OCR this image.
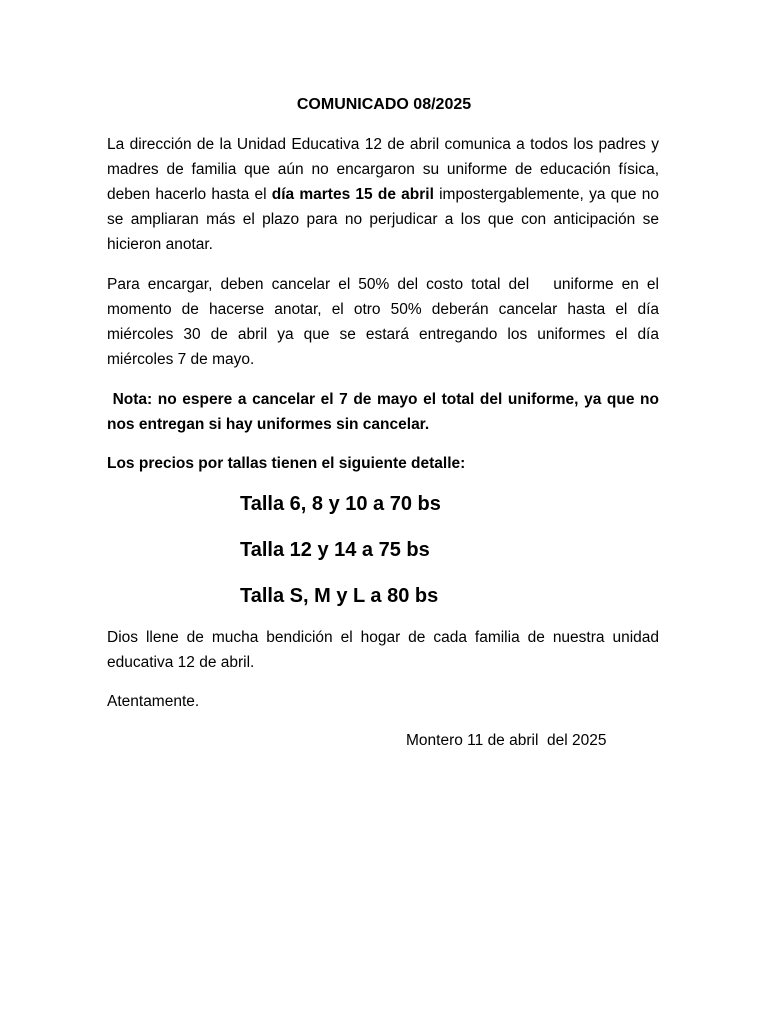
COMUNICADO 08/2025

La dirección de la Unidad Educativa 12 de abril comunica a todos los padres y madres de familia que aún no encargaron su uniforme de educación física, deben hacerlo hasta el día martes 15 de abril impostergablemente, ya que no se ampliaran más el plazo para no perjudicar a los que con anticipación se hicieron anotar.

Para encargar, deben cancelar el 50% del costo total del   uniforme en el momento de hacerse anotar, el otro 50% deberán cancelar hasta el día miércoles 30 de abril ya que se estará entregando los uniformes el día miércoles 7 de mayo.

Nota: no espere a cancelar el 7 de mayo el total del uniforme, ya que no nos entregan si hay uniformes sin cancelar.

Los precios por tallas tienen el siguiente detalle:

Talla 6, 8 y 10 a 70 bs
Talla 12 y 14 a 75 bs
Talla S, M y L a 80 bs

Dios llene de mucha bendición el hogar de cada familia de nuestra unidad educativa 12 de abril.

Atentamente.

Montero 11 de abril  del 2025
